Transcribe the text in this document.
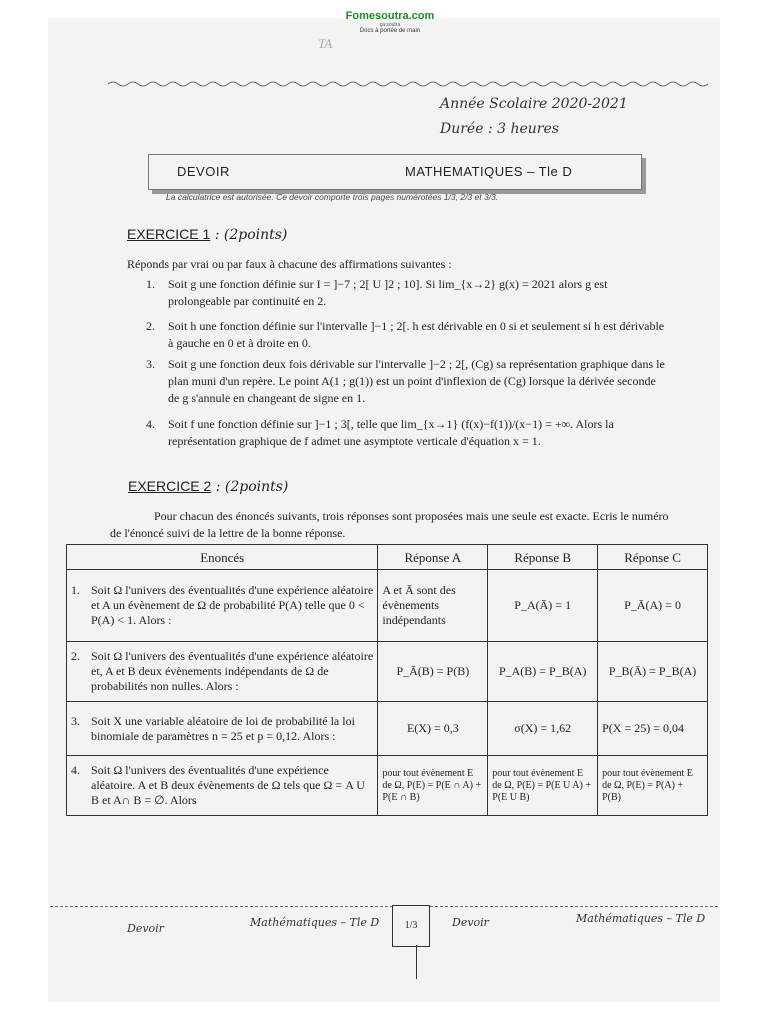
Fomesoutra.com
ça soutra
Docs à portée de main
TA
Année Scolaire 2020-2021
Durée : 3 heures
DEVOIR	MATHEMATIQUES – Tle D
La calculatrice est autorisée. Ce devoir comporte trois pages numérotées 1/3, 2/3 et 3/3.
EXERCICE 1 : (2points)
Réponds par vrai ou par faux à chacune des affirmations suivantes :
1. Soit g une fonction définie sur I = ]−7 ; 2[ U ]2 ; 10]. Si lim_{x→2} g(x) = 2021 alors g est prolongeable par continuité en 2.
2. Soit h une fonction définie sur l'intervalle ]−1 ; 2[. h est dérivable en 0 si et seulement si h est dérivable à gauche en 0 et à droite en 0.
3. Soit g une fonction deux fois dérivable sur l'intervalle ]−2 ; 2[, (Cg) sa représentation graphique dans le plan muni d'un repère. Le point A(1 ; g(1)) est un point d'inflexion de (Cg) lorsque la dérivée seconde de g s'annule en changeant de signe en 1.
4. Soit f une fonction définie sur ]−1 ; 3[, telle que lim_{x→1} (f(x)−f(1))/(x−1) = +∞. Alors la représentation graphique de f admet une asymptote verticale d'équation x = 1.
EXERCICE 2 : (2points)
Pour chacun des énoncés suivants, trois réponses sont proposées mais une seule est exacte. Ecris le numéro de l'énoncé suivi de la lettre de la bonne réponse.
Enoncés	Réponse A	Réponse B	Réponse C

1. Soit Ω l'univers des éventualités d'une expérience aléatoire et A un évènement de Ω de probabilité P(A) telle que 0 < P(A) < 1. Alors :	A et Ā sont des évènements indépendants	P_A(Ā) = 1	P_Ā(A) = 0

2. Soit Ω l'univers des éventualités d'une expérience aléatoire et, A et B deux évènements indépendants de Ω de probabilités non nulles. Alors :	P_Ā(B) = P(B)	P_A(B) = P_B(A)	P_B(Ā) = P_B(A)

3. Soit X une variable aléatoire de loi de probabilité la loi binomiale de paramètres n = 25 et p = 0,12. Alors :	E(X) = 0,3	σ(X) = 1,62	P(X = 25) = 0,04

4. Soit Ω l'univers des éventualités d'une expérience aléatoire. A et B deux évènements de Ω tels que Ω = A U B et A∩ B = ∅. Alors	pour tout évènement E de Ω, P(E) = P(E ∩ A) + P(E ∩ B)	pour tout évènement E de Ω, P(E) = P(E U A) + P(E U B)	pour tout évènement E de Ω, P(E) = P(A) + P(B)
Devoir	Mathématiques – Tle D	1/3	Devoir	Mathématiques – Tle D
